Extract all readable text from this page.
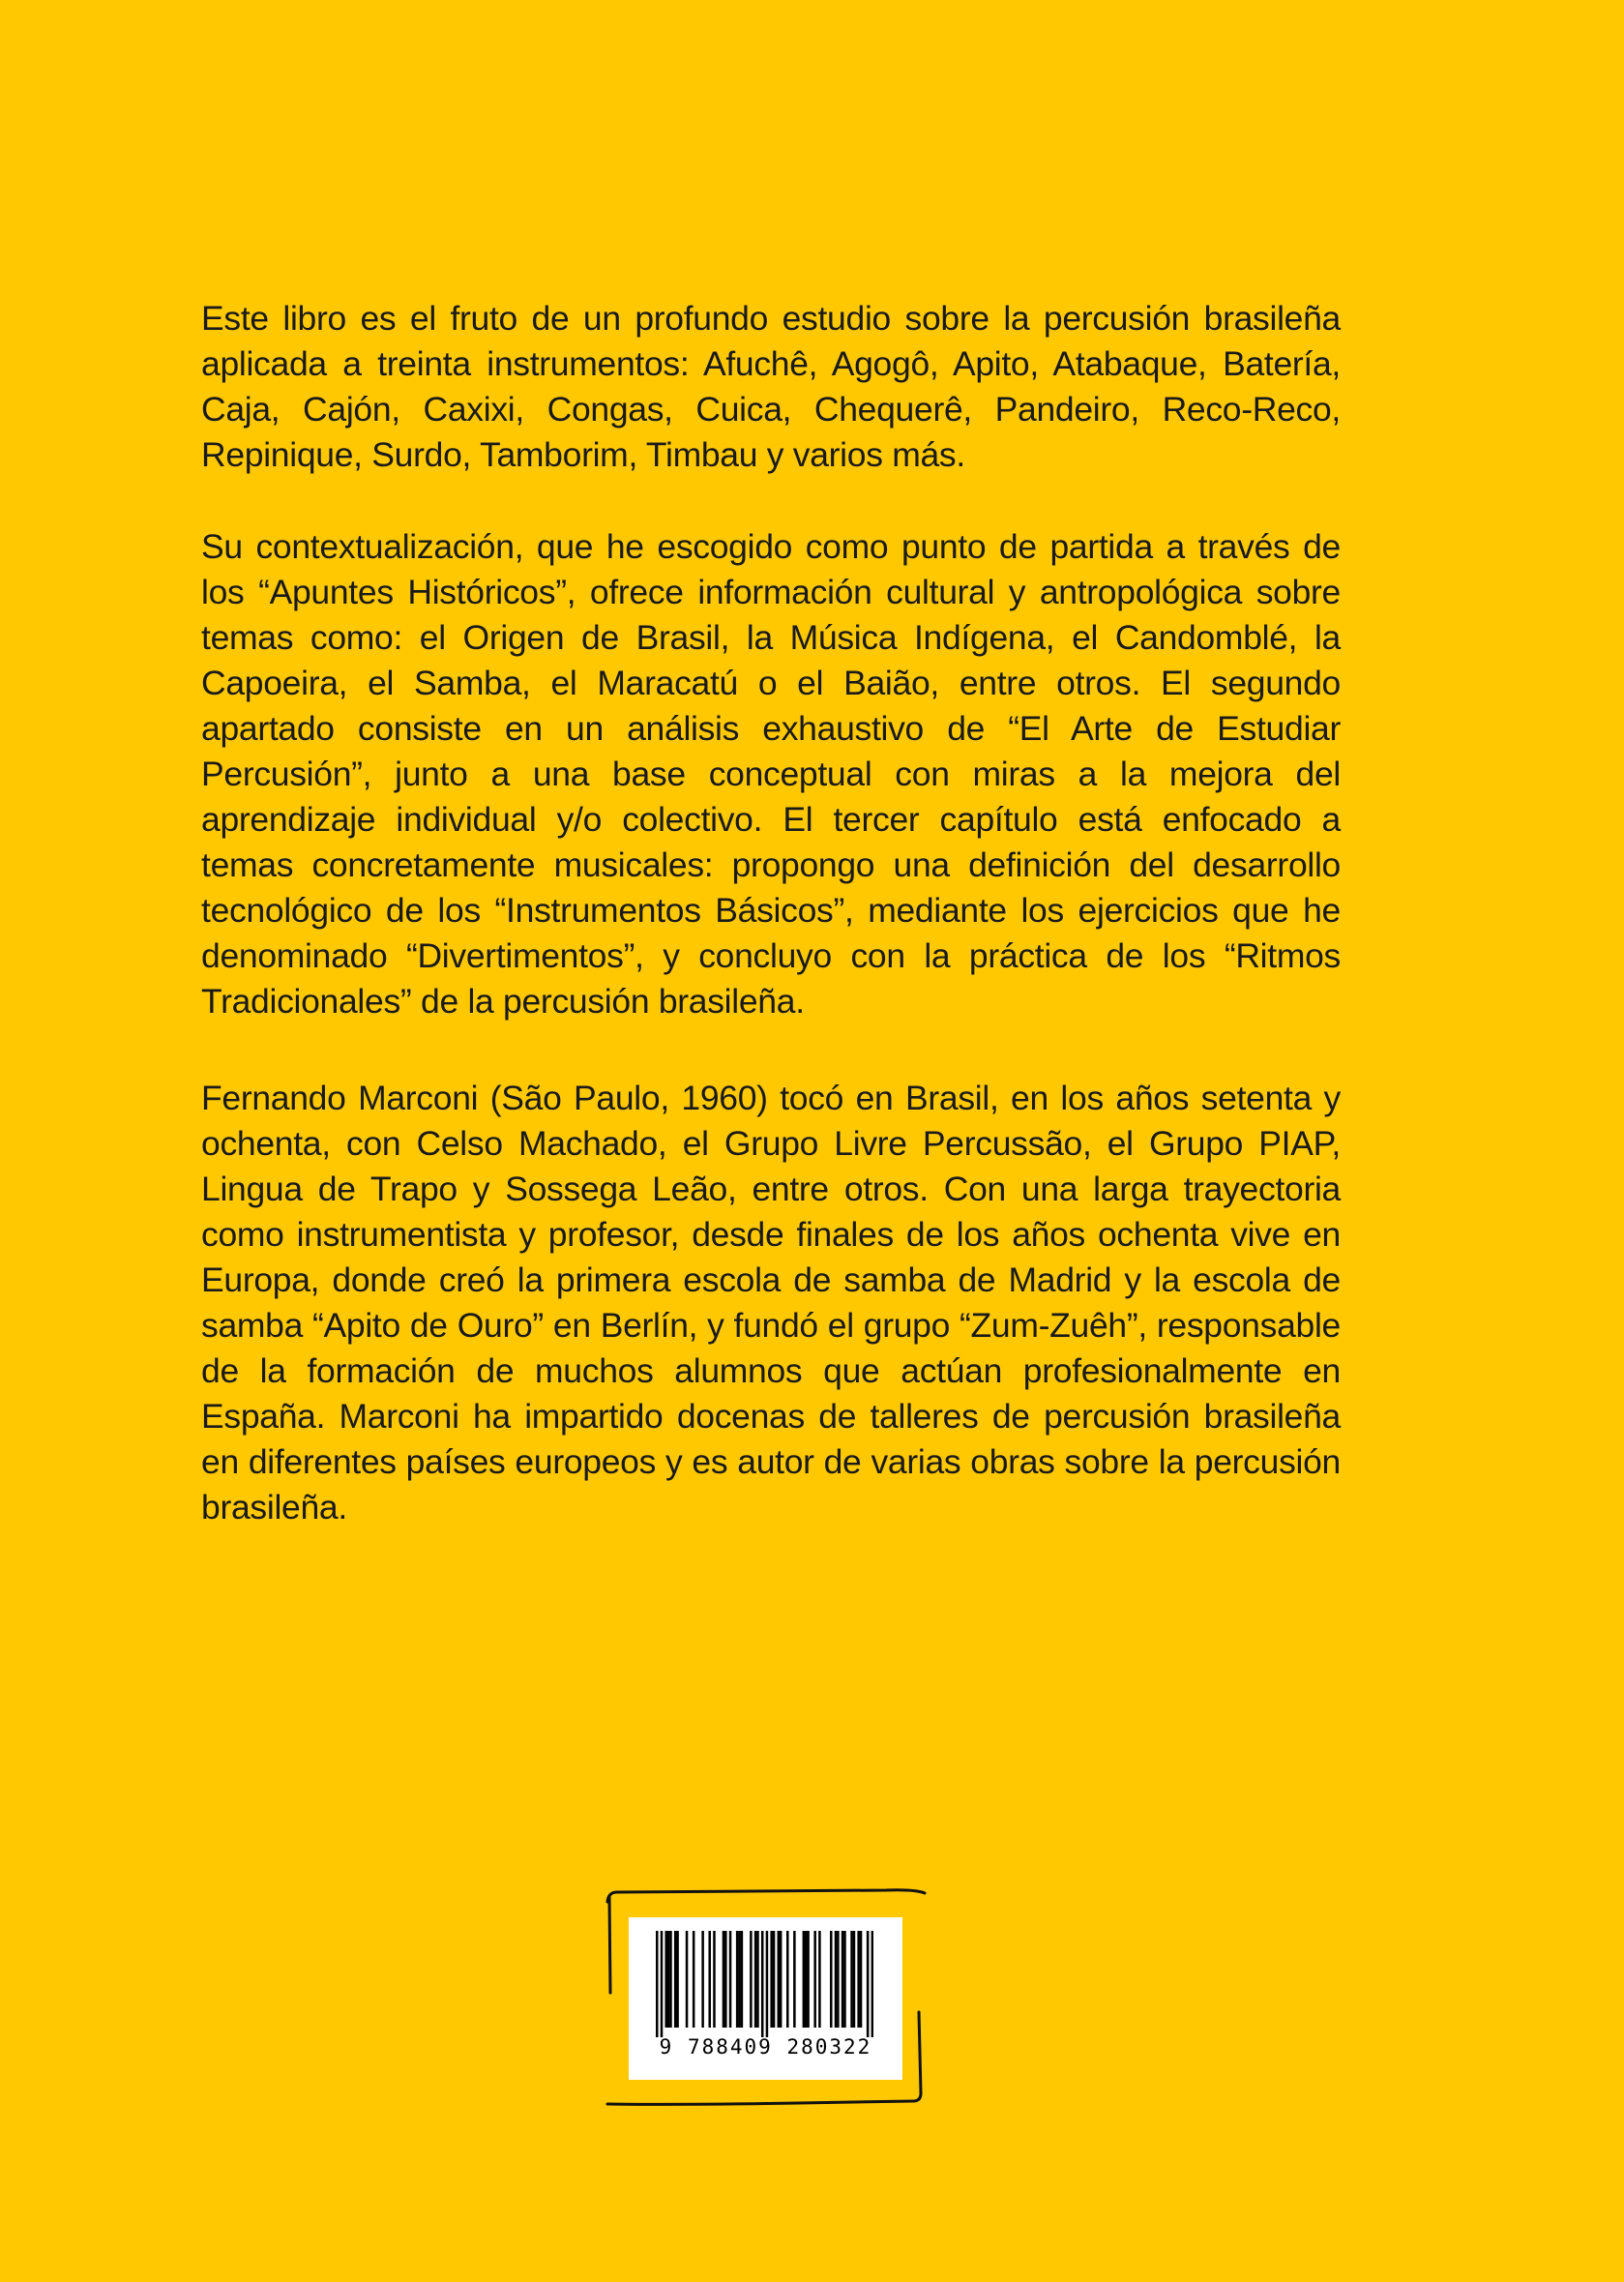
Este libro es el fruto de un profundo estudio sobre la percusión brasileña aplicada a treinta instrumentos: Afuchê, Agogô, Apito, Atabaque, Batería, Caja, Cajón, Caxixi, Congas, Cuica, Chequerê, Pandeiro, Reco-Reco, Repinique, Surdo, Tamborim, Timbau y varios más.

Su contextualización, que he escogido como punto de partida a través de los “Apuntes Históricos”, ofrece información cultural y antropológica sobre temas como: el Origen de Brasil, la Música Indígena, el Candomblé, la Capoeira, el Samba, el Maracatú o el Baião, entre otros. El segundo apartado consiste en un análisis exhaustivo de “El Arte de Estudiar Percusión”, junto a una base conceptual con miras a la mejora del aprendizaje individual y/o colectivo. El tercer capítulo está enfocado a temas concretamente musicales: propongo una definición del desarrollo tecnológico de los “Instrumentos Básicos”, mediante los ejercicios que he denominado “Divertimentos”, y concluyo con la práctica de los “Ritmos Tradicionales” de la percusión brasileña.

Fernando Marconi (São Paulo, 1960) tocó en Brasil, en los años setenta y ochenta, con Celso Machado, el Grupo Livre Percussão, el Grupo PIAP, Lingua de Trapo y Sossega Leão, entre otros. Con una larga trayectoria como instrumentista y profesor, desde finales de los años ochenta vive en Europa, donde creó la primera escola de samba de Madrid y la escola de samba “Apito de Ouro” en Berlín, y fundó el grupo “Zum-Zuêh”, responsable de la formación de muchos alumnos que actúan profesionalmente en España. Marconi ha impartido docenas de talleres de percusión brasileña en diferentes países europeos y es autor de varias obras sobre la percusión brasileña.

9 788409 280322
